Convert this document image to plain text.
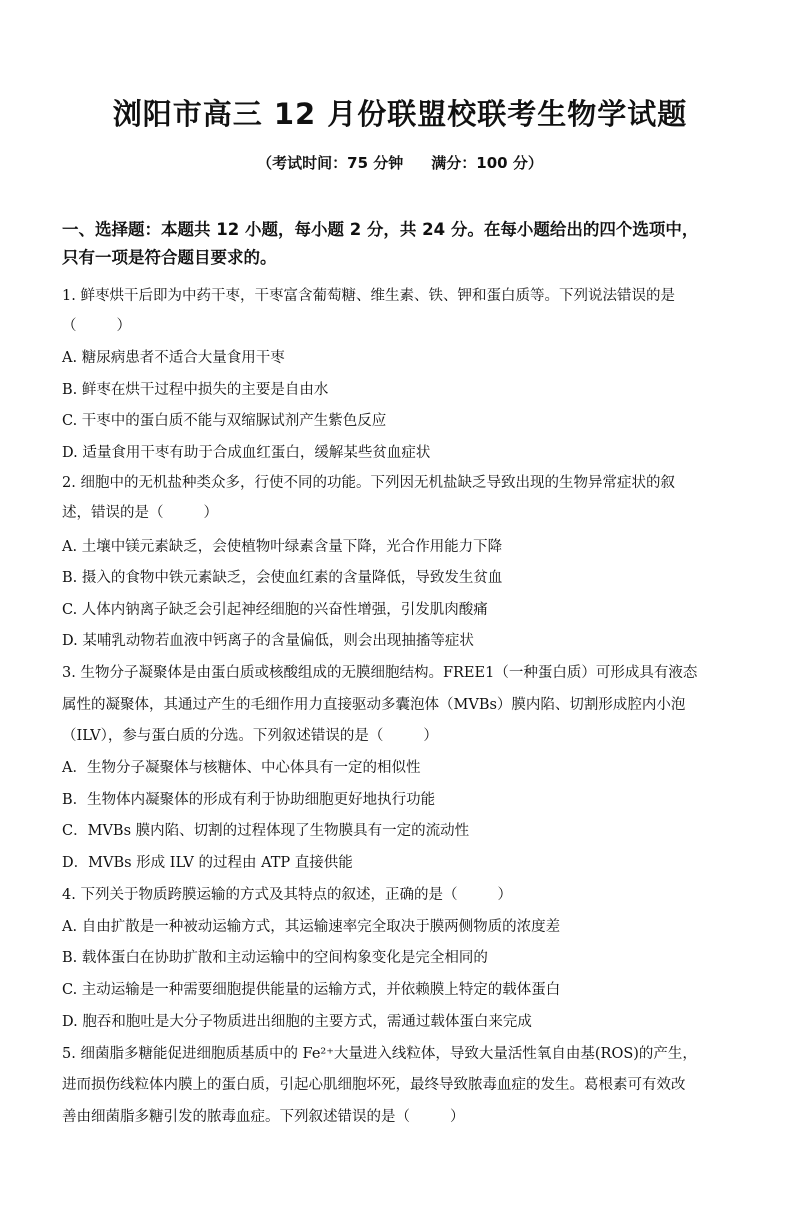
浏阳市高三 12 月份联盟校联考生物学试题
（考试时间：75 分钟 满分：100 分）
一、选择题：本题共 12 小题，每小题 2 分，共 24 分。在每小题给出的四个选项中，
只有一项是符合题目要求的。
1. 鲜枣烘干后即为中药干枣，干枣富含葡萄糖、维生素、铁、钾和蛋白质等。下列说法错误的是
（	）
A. 糖尿病患者不适合大量食用干枣
B. 鲜枣在烘干过程中损失的主要是自由水
C. 干枣中的蛋白质不能与双缩脲试剂产生紫色反应
D. 适量食用干枣有助于合成血红蛋白，缓解某些贫血症状
2. 细胞中的无机盐种类众多，行使不同的功能。下列因无机盐缺乏导致出现的生物异常症状的叙
述，错误的是（	）
A. 土壤中镁元素缺乏，会使植物叶绿素含量下降，光合作用能力下降
B. 摄入的食物中铁元素缺乏，会使血红素的含量降低，导致发生贫血
C. 人体内钠离子缺乏会引起神经细胞的兴奋性增强，引发肌肉酸痛
D. 某哺乳动物若血液中钙离子的含量偏低，则会出现抽搐等症状
3. 生物分子凝聚体是由蛋白质或核酸组成的无膜细胞结构。FREE1（一种蛋白质）可形成具有液态
属性的凝聚体，其通过产生的毛细作用力直接驱动多囊泡体（MVBs）膜内陷、切割形成腔内小泡
（ILV），参与蛋白质的分选。下列叙述错误的是（	）
A．生物分子凝聚体与核糖体、中心体具有一定的相似性
B．生物体内凝聚体的形成有利于协助细胞更好地执行功能
C．MVBs 膜内陷、切割的过程体现了生物膜具有一定的流动性
D．MVBs 形成 ILV 的过程由 ATP 直接供能
4. 下列关于物质跨膜运输的方式及其特点的叙述，正确的是（	）
A. 自由扩散是一种被动运输方式，其运输速率完全取决于膜两侧物质的浓度差
B. 载体蛋白在协助扩散和主动运输中的空间构象变化是完全相同的
C. 主动运输是一种需要细胞提供能量的运输方式，并依赖膜上特定的载体蛋白
D. 胞吞和胞吐是大分子物质进出细胞的主要方式，需通过载体蛋白来完成
5. 细菌脂多糖能促进细胞质基质中的 Fe²⁺大量进入线粒体，导致大量活性氧自由基(ROS)的产生，
进而损伤线粒体内膜上的蛋白质，引起心肌细胞坏死，最终导致脓毒血症的发生。葛根素可有效改
善由细菌脂多糖引发的脓毒血症。下列叙述错误的是（	）
